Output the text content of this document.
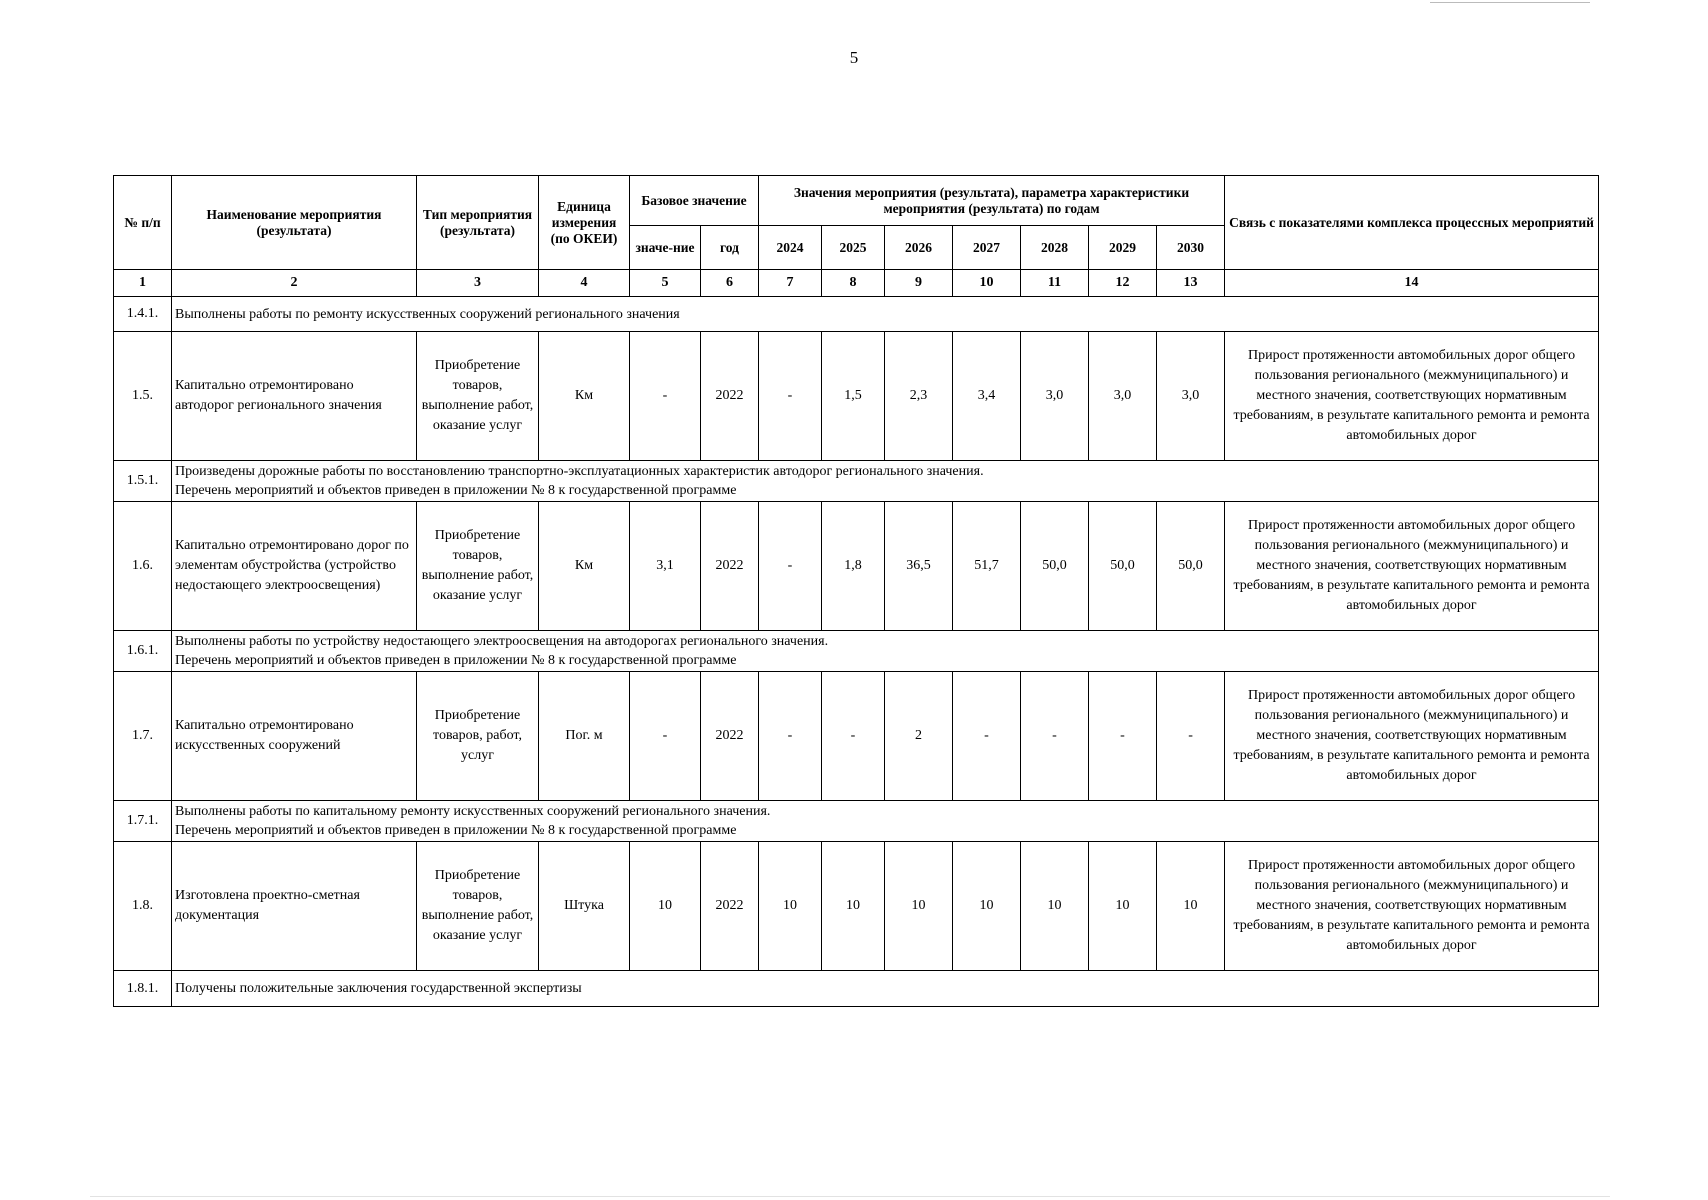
5
№ п/п	Наименование мероприятия (результата)	Тип мероприятия (результата)	Единица измерения (по ОКЕИ)	Базовое значение		Значения мероприятия (результата), параметра характеристики мероприятия (результата) по годам							Связь с показателями комплекса процессных мероприятий
				значе-ние	год	2024	2025	2026	2027	2028	2029	2030	
1	2	3	4	5	6	7	8	9	10	11	12	13	14
1.4.1.	Выполнены работы по ремонту искусственных сооружений регионального значения												

1.5.	Капитально отремонтировано автодорог регионального значения	Приобретение товаров, выполнение работ, оказание услуг	Км	-	2022	-	1,5	2,3	3,4	3,0	3,0	3,0	Прирост протяженности автомобильных дорог общего пользования регионального (межмуниципального) и местного значения, соответствующих нормативным требованиям, в результате капитального ремонта и ремонта автомобильных дорог
1.5.1.	Произведены дорожные работы по восстановлению транспортно-эксплуатационных характеристик автодорог регионального значения.
Перечень мероприятий и объектов приведен в приложении № 8 к государственной программе												

1.6.	Капитально отремонтировано дорог по элементам обустройства (устройство недостающего электроосвещения)	Приобретение товаров, выполнение работ, оказание услуг	Км	3,1	2022	-	1,8	36,5	51,7	50,0	50,0	50,0	Прирост протяженности автомобильных дорог общего пользования регионального (межмуниципального) и местного значения, соответствующих нормативным требованиям, в результате капитального ремонта и ремонта автомобильных дорог
1.6.1.	Выполнены работы по устройству недостающего электроосвещения на автодорогах регионального значения.
Перечень мероприятий и объектов приведен в приложении № 8 к государственной программе												

1.7.	Капитально отремонтировано искусственных сооружений	Приобретение товаров, работ, услуг	Пог. м	-	2022	-	-	2	-	-	-	-	Прирост протяженности автомобильных дорог общего пользования регионального (межмуниципального) и местного значения, соответствующих нормативным требованиям, в результате капитального ремонта и ремонта автомобильных дорог
1.7.1.	Выполнены работы по капитальному ремонту искусственных сооружений регионального значения.
Перечень мероприятий и объектов приведен в приложении № 8 к государственной программе												

1.8.	Изготовлена проектно-сметная документация	Приобретение товаров, выполнение работ, оказание услуг	Штука	10	2022	10	10	10	10	10	10	10	Прирост протяженности автомобильных дорог общего пользования регионального (межмуниципального) и местного значения, соответствующих нормативным требованиям, в результате капитального ремонта и ремонта автомобильных дорог
1.8.1.	Получены положительные заключения государственной экспертизы												
